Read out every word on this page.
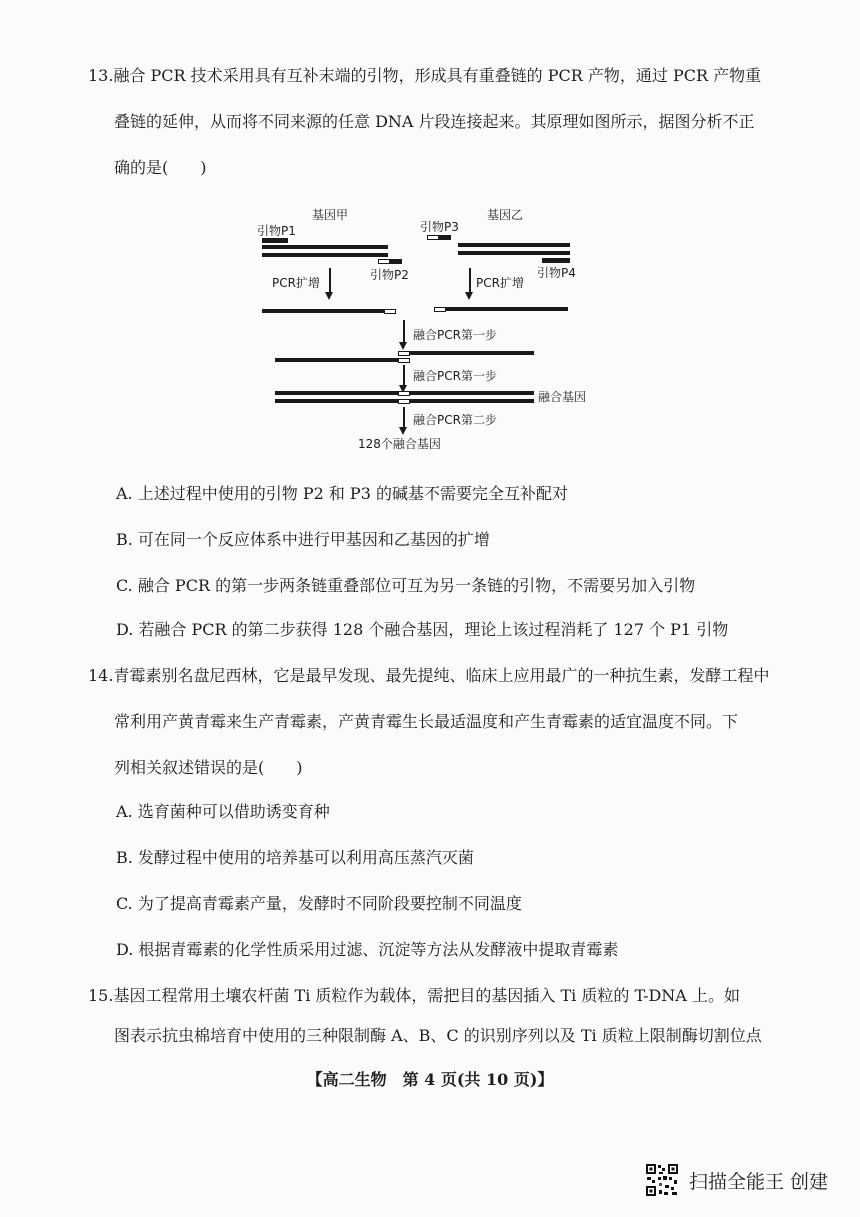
13.融合 PCR 技术采用具有互补末端的引物，形成具有重叠链的 PCR 产物，通过 PCR 产物重
叠链的延伸，从而将不同来源的任意 DNA 片段连接起来。其原理如图所示，据图分析不正
确的是(　　)
基因甲	基因乙
引物P1	引物P3
引物P2	引物P4
PCR扩增	PCR扩增
融合PCR第一步
融合PCR第一步
融合基因
融合PCR第二步
128个融合基因
A. 上述过程中使用的引物 P2 和 P3 的碱基不需要完全互补配对
B. 可在同一个反应体系中进行甲基因和乙基因的扩增
C. 融合 PCR 的第一步两条链重叠部位可互为另一条链的引物，不需要另加入引物
D. 若融合 PCR 的第二步获得 128 个融合基因，理论上该过程消耗了 127 个 P1 引物
14.青霉素别名盘尼西林，它是最早发现、最先提纯、临床上应用最广的一种抗生素，发酵工程中
常利用产黄青霉来生产青霉素，产黄青霉生长最适温度和产生青霉素的适宜温度不同。下
列相关叙述错误的是(　　)
A. 选育菌种可以借助诱变育种
B. 发酵过程中使用的培养基可以利用高压蒸汽灭菌
C. 为了提高青霉素产量，发酵时不同阶段要控制不同温度
D. 根据青霉素的化学性质采用过滤、沉淀等方法从发酵液中提取青霉素
15.基因工程常用土壤农杆菌 Ti 质粒作为载体，需把目的基因插入 Ti 质粒的 T-DNA 上。如
图表示抗虫棉培育中使用的三种限制酶 A、B、C 的识别序列以及 Ti 质粒上限制酶切割位点
【高二生物　第 4 页(共 10 页)】
扫描全能王 创建
